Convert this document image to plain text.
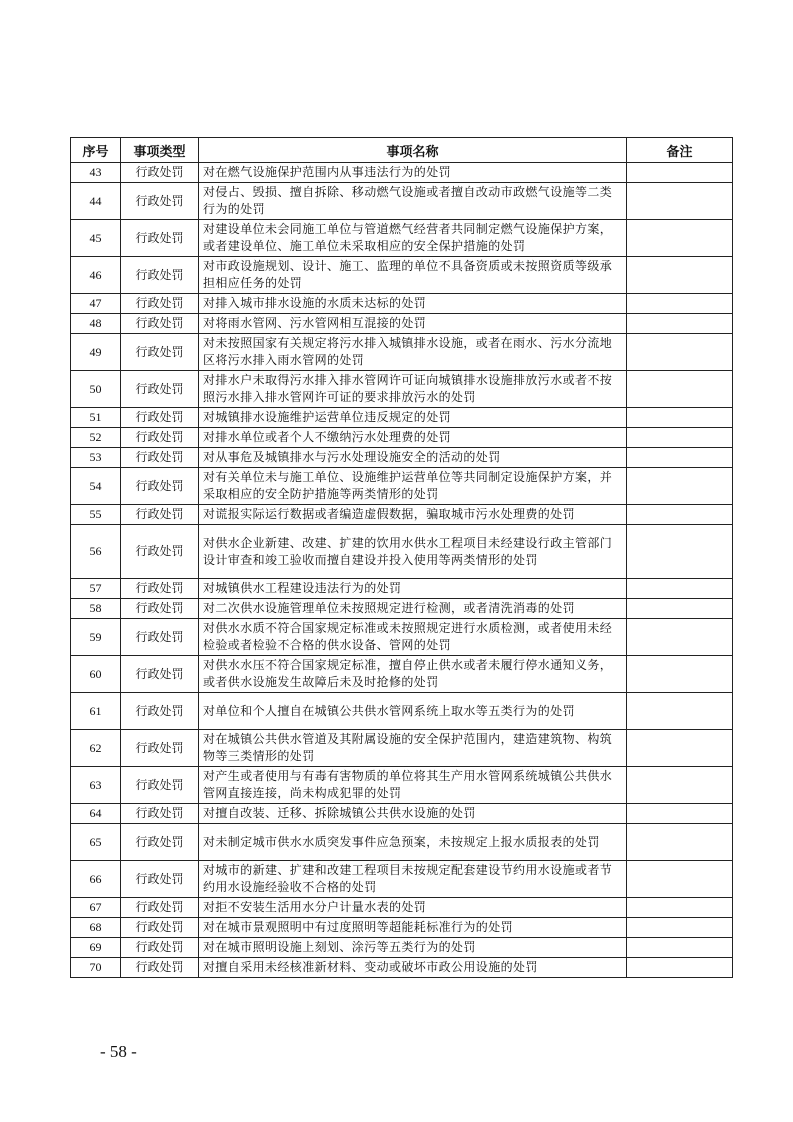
序号	事项类型	事项名称	备注
43	行政处罚	对在燃气设施保护范围内从事违法行为的处罚	
44	行政处罚	对侵占、毁损、擅自拆除、移动燃气设施或者擅自改动市政燃气设施等二类行为的处罚	
45	行政处罚	对建设单位未会同施工单位与管道燃气经营者共同制定燃气设施保护方案，或者建设单位、施工单位未采取相应的安全保护措施的处罚	
46	行政处罚	对市政设施规划、设计、施工、监理的单位不具备资质或未按照资质等级承担相应任务的处罚	
47	行政处罚	对排入城市排水设施的水质未达标的处罚	
48	行政处罚	对将雨水管网、污水管网相互混接的处罚	
49	行政处罚	对未按照国家有关规定将污水排入城镇排水设施，或者在雨水、污水分流地区将污水排入雨水管网的处罚	
50	行政处罚	对排水户未取得污水排入排水管网许可证向城镇排水设施排放污水或者不按照污水排入排水管网许可证的要求排放污水的处罚	
51	行政处罚	对城镇排水设施维护运营单位违反规定的处罚	
52	行政处罚	对排水单位或者个人不缴纳污水处理费的处罚	
53	行政处罚	对从事危及城镇排水与污水处理设施安全的活动的处罚	
54	行政处罚	对有关单位未与施工单位、设施维护运营单位等共同制定设施保护方案，并采取相应的安全防护措施等两类情形的处罚	
55	行政处罚	对谎报实际运行数据或者编造虚假数据，骗取城市污水处理费的处罚	
56	行政处罚	对供水企业新建、改建、扩建的饮用水供水工程项目未经建设行政主管部门设计审查和竣工验收而擅自建设并投入使用等两类情形的处罚	
57	行政处罚	对城镇供水工程建设违法行为的处罚	
58	行政处罚	对二次供水设施管理单位未按照规定进行检测，或者清洗消毒的处罚	
59	行政处罚	对供水水质不符合国家规定标准或未按照规定进行水质检测，或者使用未经检验或者检验不合格的供水设备、管网的处罚	
60	行政处罚	对供水水压不符合国家规定标准，擅自停止供水或者未履行停水通知义务，或者供水设施发生故障后未及时抢修的处罚	
61	行政处罚	对单位和个人擅自在城镇公共供水管网系统上取水等五类行为的处罚	
62	行政处罚	对在城镇公共供水管道及其附属设施的安全保护范围内，建造建筑物、构筑物等三类情形的处罚	
63	行政处罚	对产生或者使用与有毒有害物质的单位将其生产用水管网系统城镇公共供水管网直接连接，尚未构成犯罪的处罚	
64	行政处罚	对擅自改装、迁移、拆除城镇公共供水设施的处罚	
65	行政处罚	对未制定城市供水水质突发事件应急预案，未按规定上报水质报表的处罚	
66	行政处罚	对城市的新建、扩建和改建工程项目未按规定配套建设节约用水设施或者节约用水设施经验收不合格的处罚	
67	行政处罚	对拒不安装生活用水分户计量水表的处罚	
68	行政处罚	对在城市景观照明中有过度照明等超能耗标准行为的处罚	
69	行政处罚	对在城市照明设施上刻划、涂污等五类行为的处罚	
70	行政处罚	对擅自采用未经核准新材料、变动或破坏市政公用设施的处罚	
- 58 -
